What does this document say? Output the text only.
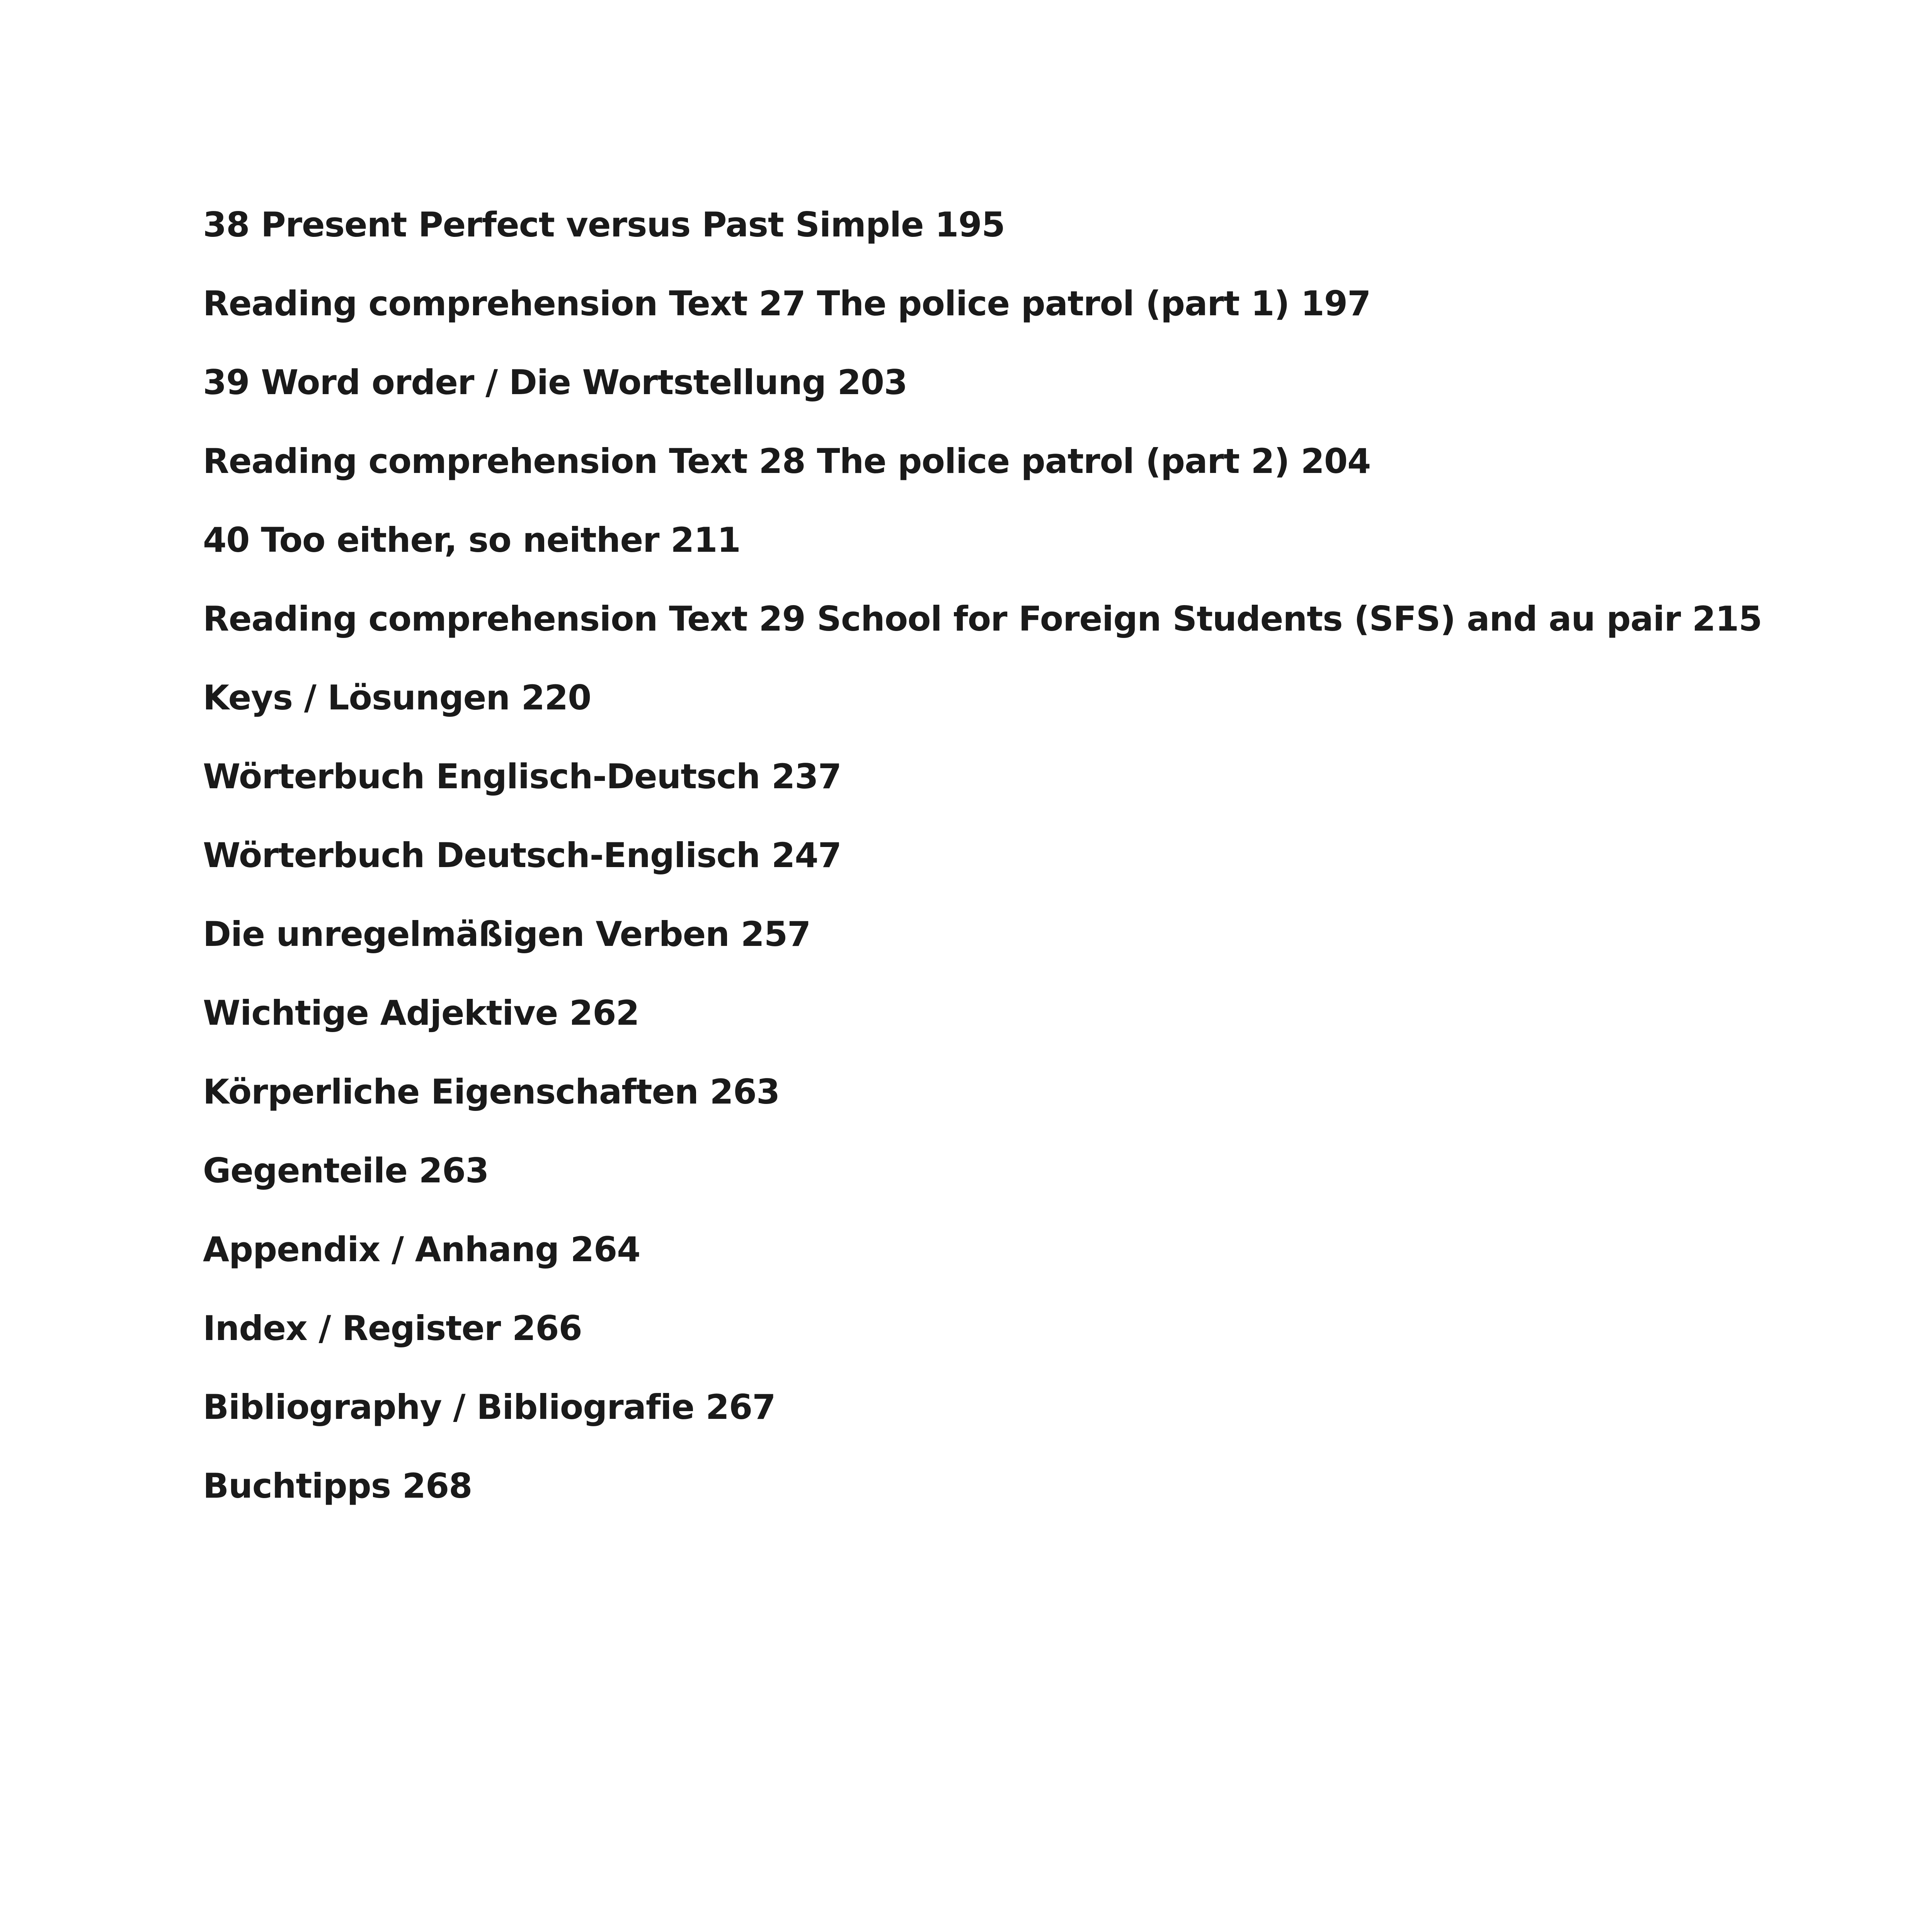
38 Present Perfect versus Past Simple 195
Reading comprehension Text 27 The police patrol (part 1) 197
39 Word order / Die Wortstellung 203
Reading comprehension Text 28 The police patrol (part 2) 204
40 Too either, so neither 211
Reading comprehension Text 29 School for Foreign Students (SFS) and au pair 215
Keys / Lösungen 220
Wörterbuch Englisch-Deutsch 237
Wörterbuch Deutsch-Englisch 247
Die unregelmäßigen Verben 257
Wichtige Adjektive 262
Körperliche Eigenschaften 263
Gegenteile 263
Appendix / Anhang 264
Index / Register 266
Bibliography / Bibliografie 267
Buchtipps 268
